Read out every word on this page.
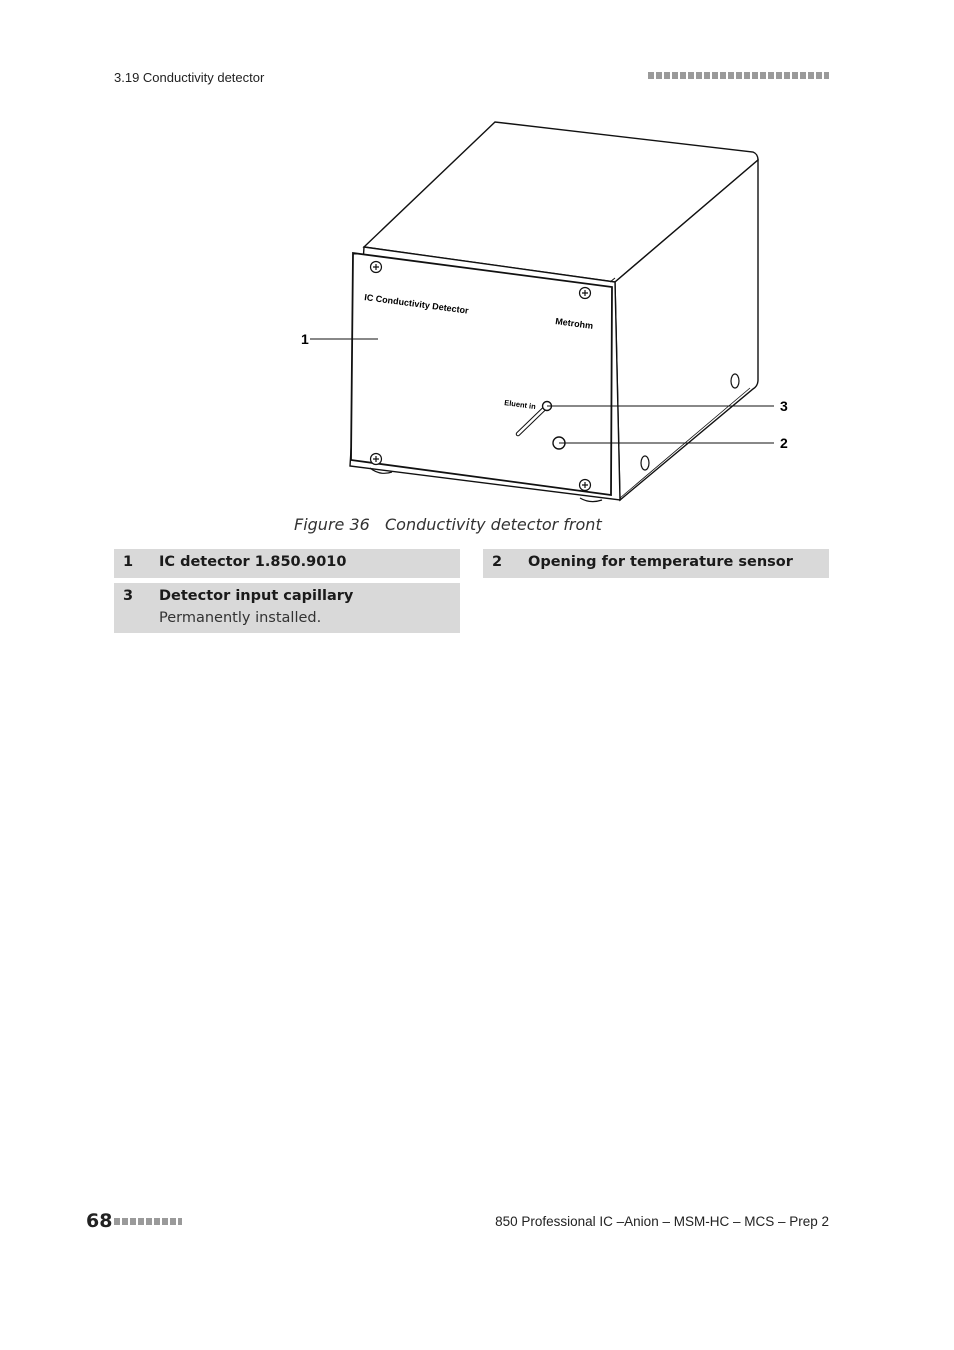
3.19 Conductivity detector
IC Conductivity Detector
Metrohm
Eluent in
1
3
2
Figure 36 Conductivity detector front
1 IC detector 1.850.9010	2 Opening for temperature sensor
3 Detector input capillary
Permanently installed.
68	850 Professional IC –Anion – MSM-HC – MCS – Prep 2
